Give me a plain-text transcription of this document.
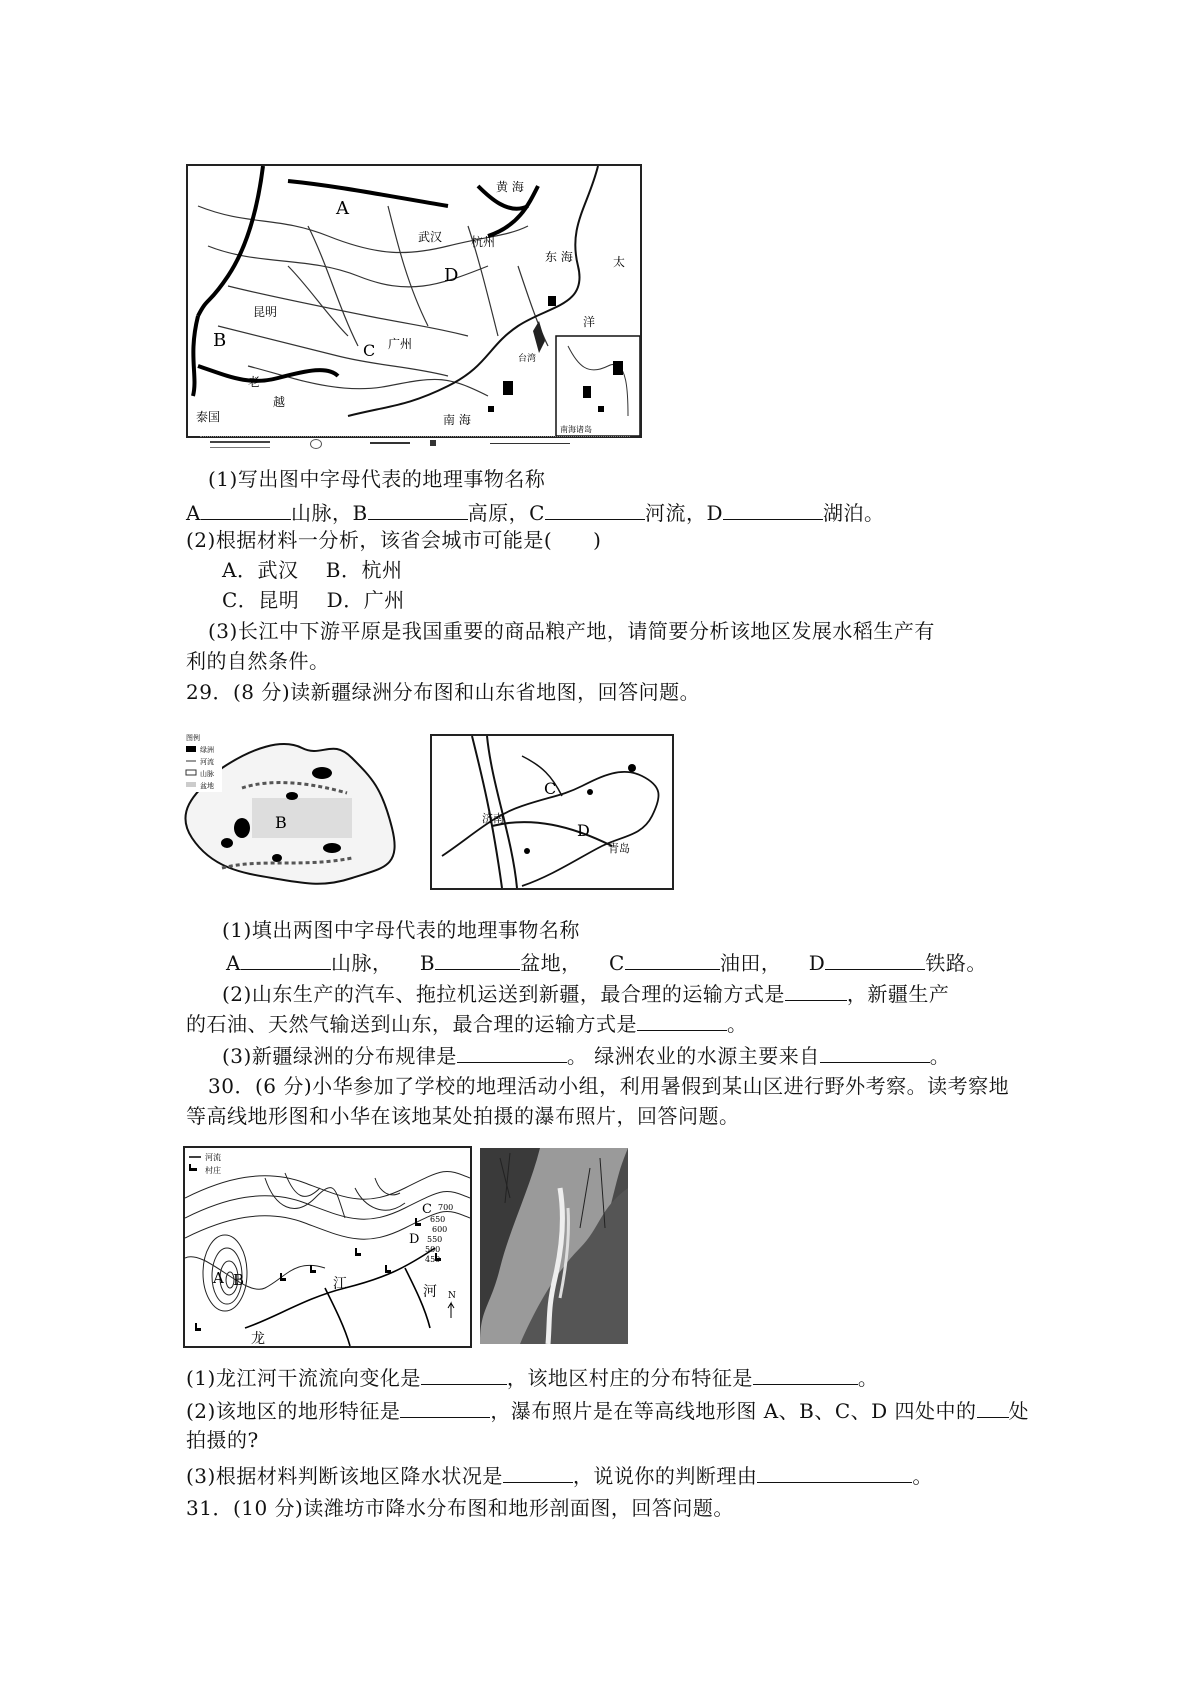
A
B	C
D
武汉 杭州
昆明
广州
黄 海
东 海	太
洋
南 海
泰国
老
越
台湾
南海诸岛
(1)写出图中字母代表的地理事物名称
A	山脉，B	高原，C	河流，D	湖泊。
(2)根据材料一分析，该省会城市可能是(　　)
A．武汉　 B．杭州
C．昆明　 D．广州
(3)长江中下游平原是我国重要的商品粮产地，请简要分析该地区发展水稻生产有
利的自然条件。
29．(8 分)读新疆绿洲分布图和山东省地图，回答问题。
图例
绿洲
河流
山脉
盆地
B
C
D
济南
青岛
(1)填出两图中字母代表的地理事物名称
A	山脉， B	盆地， C	油田， D	铁路。
(2)山东生产的汽车、拖拉机运送到新疆，最合理的运输方式是	，新疆生产
的石油、天然气输送到山东，最合理的运输方式是	。
(3)新疆绿洲的分布规律是	。 绿洲农业的水源主要来自	。
30．(6 分)小华参加了学校的地理活动小组，利用暑假到某山区进行野外考察。读考察地
等高线地形图和小华在该地某处拍摄的瀑布照片，回答问题。
河流
村庄
A B
C
D
江	河
龙
N
700
650
600
550
500
450
(1)龙江河干流流向变化是	，该地区村庄的分布特征是	。
(2)该地区的地形特征是	，瀑布照片是在等高线地形图 A、B、C、D 四处中的 处
拍摄的?
(3)根据材料判断该地区降水状况是	，说说你的判断理由	。
31．(10 分)读潍坊市降水分布图和地形剖面图，回答问题。
